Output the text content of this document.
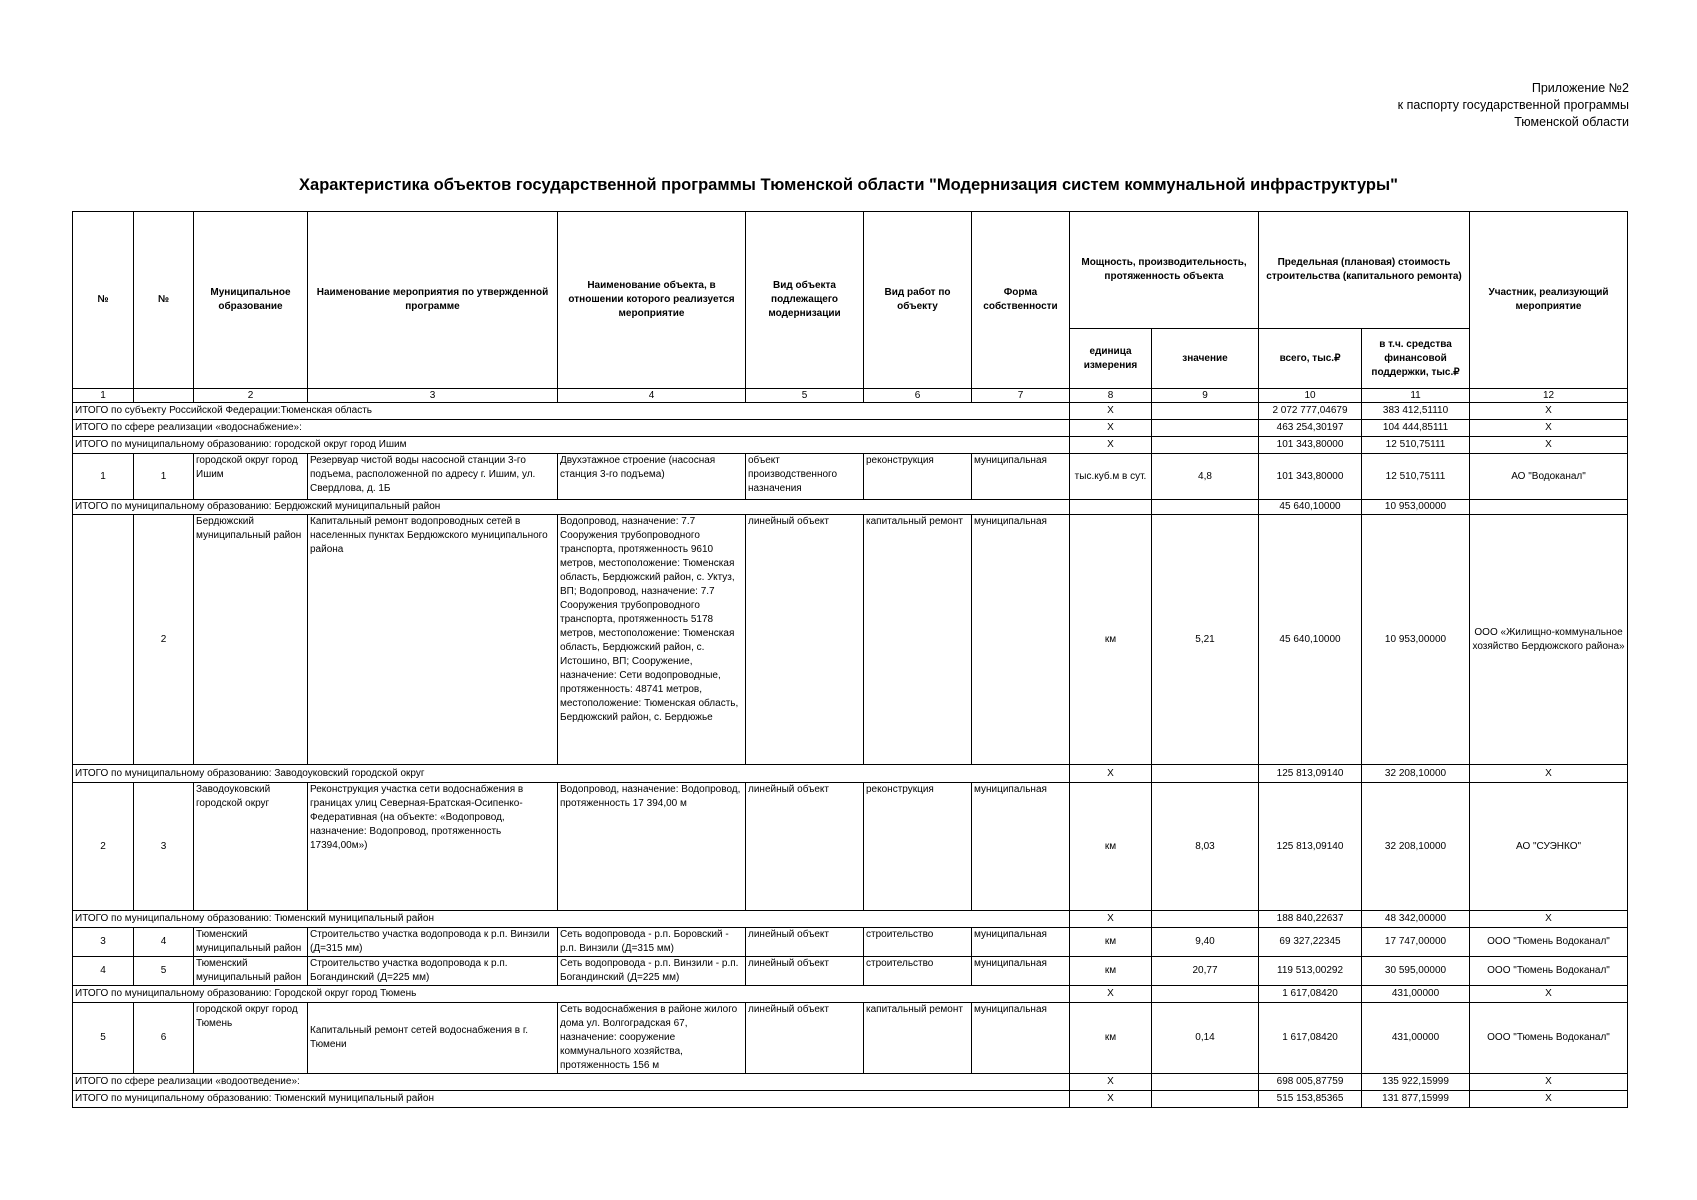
Приложение №2
к паспорту государственной программы
Тюменской области
Характеристика объектов государственной программы Тюменской области "Модернизация систем коммунальной инфраструктуры"
№	№	Муниципальное образование	Наименование мероприятия по утвержденной программе	Наименование объекта, в отношении которого реализуется мероприятие	Вид объекта подлежащего модернизации	Вид работ по объекту	Форма собственности	Мощность, производительность, протяженность объекта		Предельная (плановая) стоимость строительства (капитального ремонта)		Участник, реализующий мероприятие
								единица измерения	значение	всего, тыс.₽	в т.ч. средства финансовой поддержки, тыс.₽	
1		2	3	4	5	6	7	8	9	10	11	12
ИТОГО по субъекту Российской Федерации:Тюменская область								Х		2 072 777,04679	383 412,51110	Х
ИТОГО по сфере реализации «водоснабжение»:								Х		463 254,30197	104 444,85111	Х
ИТОГО по муниципальному образованию: городской округ город Ишим								Х		101 343,80000	12 510,75111	Х
1	1	городской округ город Ишим	Резервуар чистой воды насосной станции 3-го подъема, расположенной по адресу г. Ишим, ул. Свердлова, д. 1Б	Двухэтажное строение (насосная станция 3-го подъема)	объект производственного назначения	реконструкция	муниципальная	тыс.куб.м в сут.	4,8	101 343,80000	12 510,75111	АО "Водоканал"
ИТОГО по муниципальному образованию: Бердюжский муниципальный район										45 640,10000	10 953,00000	
	2	Бердюжский муниципальный район	Капитальный ремонт водопроводных сетей в населенных пунктах Бердюжского муниципального района	Водопровод, назначение: 7.7 Сооружения трубопроводного транспорта, протяженность 9610 метров, местоположение: Тюменская область, Бердюжский район, с. Уктуз, ВП; Водопровод, назначение: 7.7 Сооружения трубопроводного транспорта, протяженность 5178 метров, местоположение: Тюменская область, Бердюжский район, с. Истошино, ВП; Сооружение, назначение: Сети водопроводные, протяженность: 48741 метров, местоположение: Тюменская область, Бердюжский район, с. Бердюжье	линейный объект	капитальный ремонт	муниципальная	км	5,21	45 640,10000	10 953,00000	ООО «Жилищно-коммунальное хозяйство Бердюжского района»
ИТОГО по муниципальному образованию: Заводоуковский городской округ								Х		125 813,09140	32 208,10000	Х
2	3	Заводоуковский городской округ	Реконструкция участка сети водоснабжения в границах улиц Северная-Братская-Осипенко-Федеративная (на объекте: «Водопровод, назначение: Водопровод, протяженность 17394,00м»)	Водопровод, назначение: Водопровод, протяженность 17 394,00 м	линейный объект	реконструкция	муниципальная	км	8,03	125 813,09140	32 208,10000	АО "СУЭНКО"
ИТОГО по муниципальному образованию: Тюменский муниципальный район								Х		188 840,22637	48 342,00000	Х
3	4	Тюменский муниципальный район	Строительство участка водопровода к р.п. Винзили (Д=315 мм)	Сеть водопровода - р.п. Боровский - р.п. Винзили (Д=315 мм)	линейный объект	строительство	муниципальная	км	9,40	69 327,22345	17 747,00000	ООО "Тюмень Водоканал"
4	5	Тюменский муниципальный район	Строительство участка водопровода к р.п. Богандинский (Д=225 мм)	Сеть водопровода - р.п. Винзили - р.п. Богандинский (Д=225 мм)	линейный объект	строительство	муниципальная	км	20,77	119 513,00292	30 595,00000	ООО "Тюмень Водоканал"
ИТОГО по муниципальному образованию: Городской округ город Тюмень								Х		1 617,08420	431,00000	Х
5	6	городской округ город Тюмень	Капитальный ремонт сетей водоснабжения в г. Тюмени	Сеть водоснабжения в районе жилого дома ул. Волгоградская 67, назначение: сооружение коммунального хозяйства, протяженность 156 м	линейный объект	капитальный ремонт	муниципальная	км	0,14	1 617,08420	431,00000	ООО "Тюмень Водоканал"
ИТОГО по сфере реализации «водоотведение»:								Х		698 005,87759	135 922,15999	Х
ИТОГО по муниципальному образованию: Тюменский муниципальный район								Х		515 153,85365	131 877,15999	Х
